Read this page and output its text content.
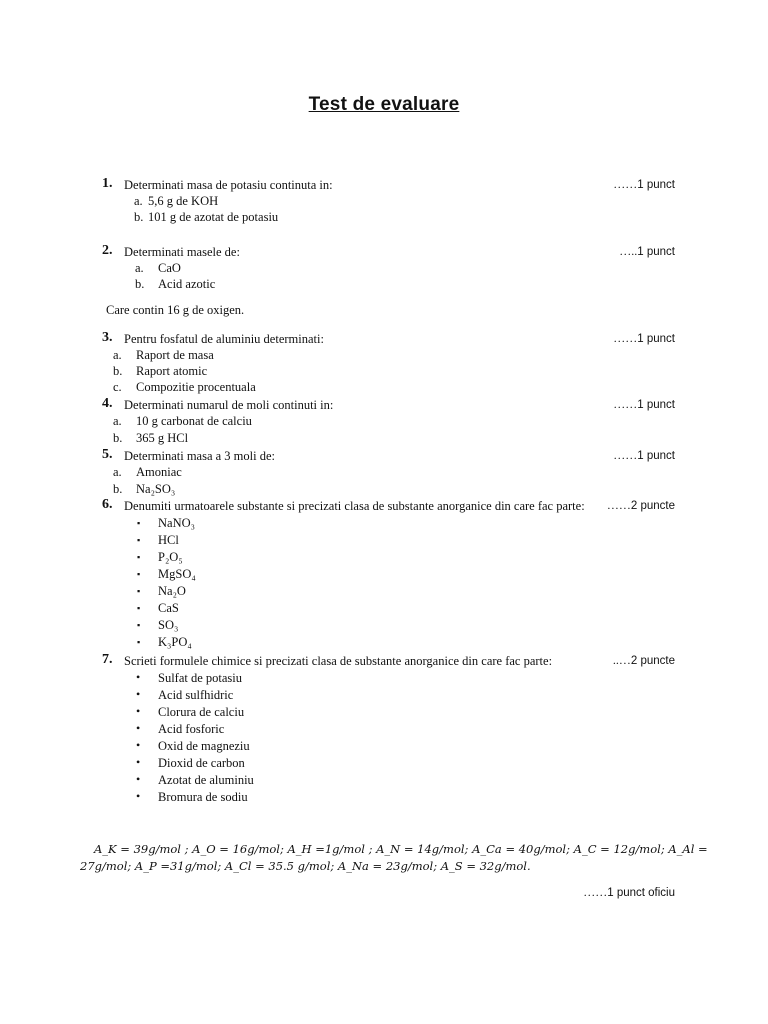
Test de evaluare
1. Determinati masa de potasiu continuta in:	……1 punct
a. 5,6 g de KOH
b. 101 g de azotat de potasiu
2. Determinati masele de:	…..1 punct
a. CaO
b. Acid azotic
Care contin 16 g de oxigen.
3. Pentru fosfatul de aluminiu determinati:	……1 punct
a. Raport de masa
b. Raport atomic
c. Compozitie procentuala
4. Determinati numarul de moli continuti in:	……1 punct
a. 10 g carbonat de calciu
b. 365 g HCl
5. Determinati masa a 3 moli de:	……1 punct
a. Amoniac
b. Na₂SO₃
6. Denumiti urmatoarele substante si precizati clasa de substante anorganice din care fac parte: ……2 puncte
▪ NaNO₃
▪ HCl
▪ P₂O₅
▪ MgSO₄
▪ Na₂O
▪ CaS
▪ SO₃
▪ K₃PO₄
7. Scrieti formulele chimice si precizati clasa de substante anorganice din care fac parte:	..…2 puncte
• Sulfat de potasiu
• Acid sulfhidric
• Clorura de calciu
• Acid fosforic
• Oxid de magneziu
• Dioxid de carbon
• Azotat de aluminiu
• Bromura de sodiu
A_K = 39g/mol ; A_O = 16g/mol; A_H =1g/mol ; A_N = 14g/mol; A_Ca = 40g/mol; A_C = 12g/mol; A_Al =
27g/mol; A_P =31g/mol; A_Cl = 35.5 g/mol; A_Na = 23g/mol; A_S = 32g/mol.
……1 punct oficiu
